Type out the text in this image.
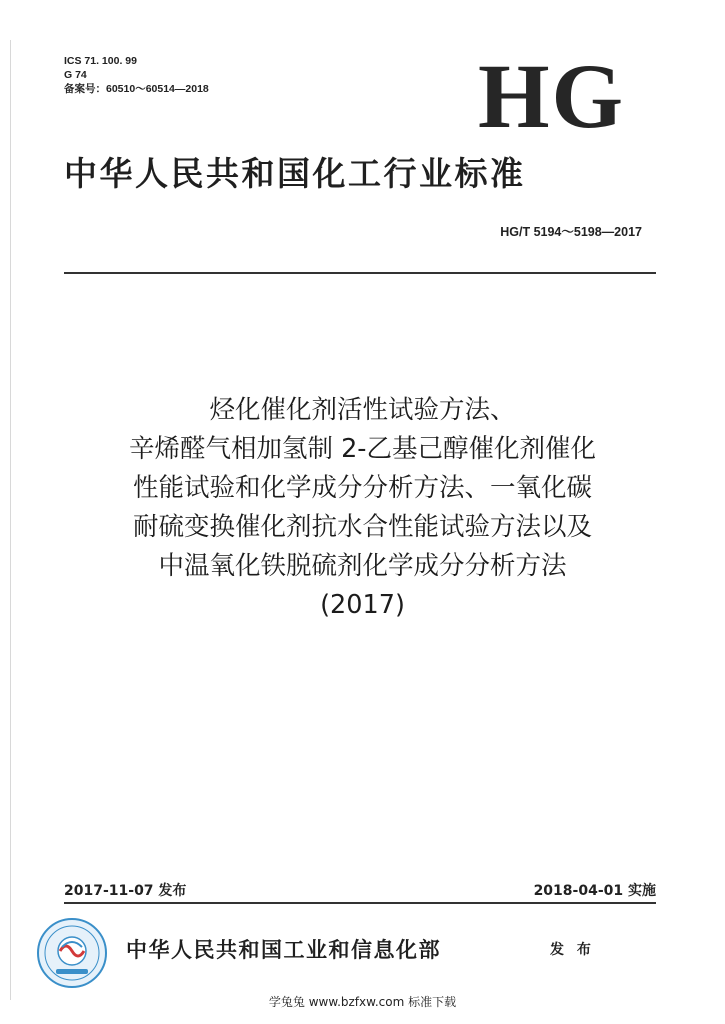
ICS 71. 100. 99
G 74
备案号：60510～60514—2018	HG
中华人民共和国化工行业标准
HG/T 5194～5198—2017
烃化催化剂活性试验方法、
辛烯醛气相加氢制 2-乙基己醇催化剂催化
性能试验和化学成分分析方法、一氧化碳
耐硫变换催化剂抗水合性能试验方法以及
中温氧化铁脱硫剂化学成分分析方法
(2017)
2017-11-07 发布	2018-04-01 实施
中华人民共和国工业和信息化部	发 布
学兔兔 www.bzfxw.com 标准下载
